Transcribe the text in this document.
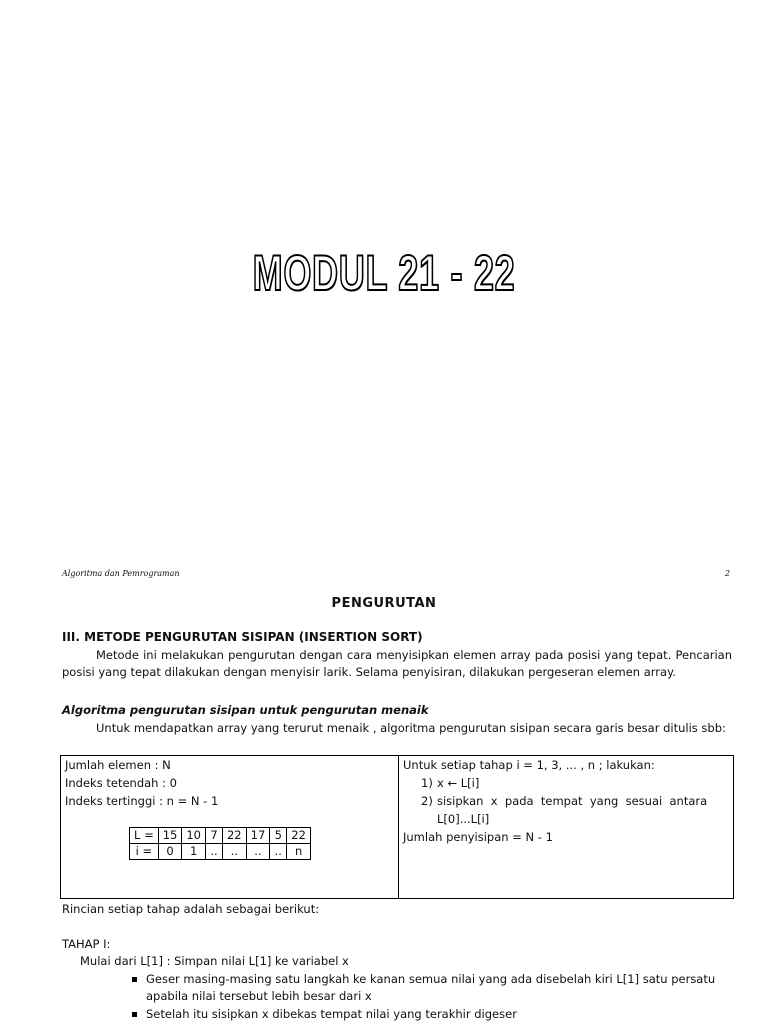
MODUL 21 - 22
Algoritma dan Pemrograman	2
PENGURUTAN
III. METODE PENGURUTAN SISIPAN (INSERTION SORT)
Metode ini melakukan pengurutan dengan cara menyisipkan elemen array pada posisi yang tepat. Pencarian posisi yang tepat dilakukan dengan menyisir larik. Selama penyisiran, dilakukan pergeseran elemen array.
Algoritma pengurutan sisipan untuk pengurutan menaik
Untuk mendapatkan array yang terurut menaik , algoritma pengurutan sisipan secara garis besar ditulis sbb:
Jumlah elemen : N
Indeks tetendah : 0
Indeks tertinggi : n = N - 1
L =	15	10	7	22	17	5	22
i =	0	1	..	..	..	..	n
Untuk setiap tahap i = 1, 3, ... , n ; lakukan:
1) x ← L[i]
2) sisipkan  x  pada  tempat  yang  sesuai  antara
L[0]...L[i]
Jumlah penyisipan = N - 1
Rincian setiap tahap adalah sebagai berikut:
TAHAP I:
Mulai dari L[1] : Simpan nilai L[1] ke variabel x
Geser masing-masing satu langkah ke kanan semua nilai yang ada disebelah kiri L[1] satu persatu apabila nilai tersebut lebih besar dari x
Setelah itu sisipkan x dibekas tempat nilai yang terakhir digeser
